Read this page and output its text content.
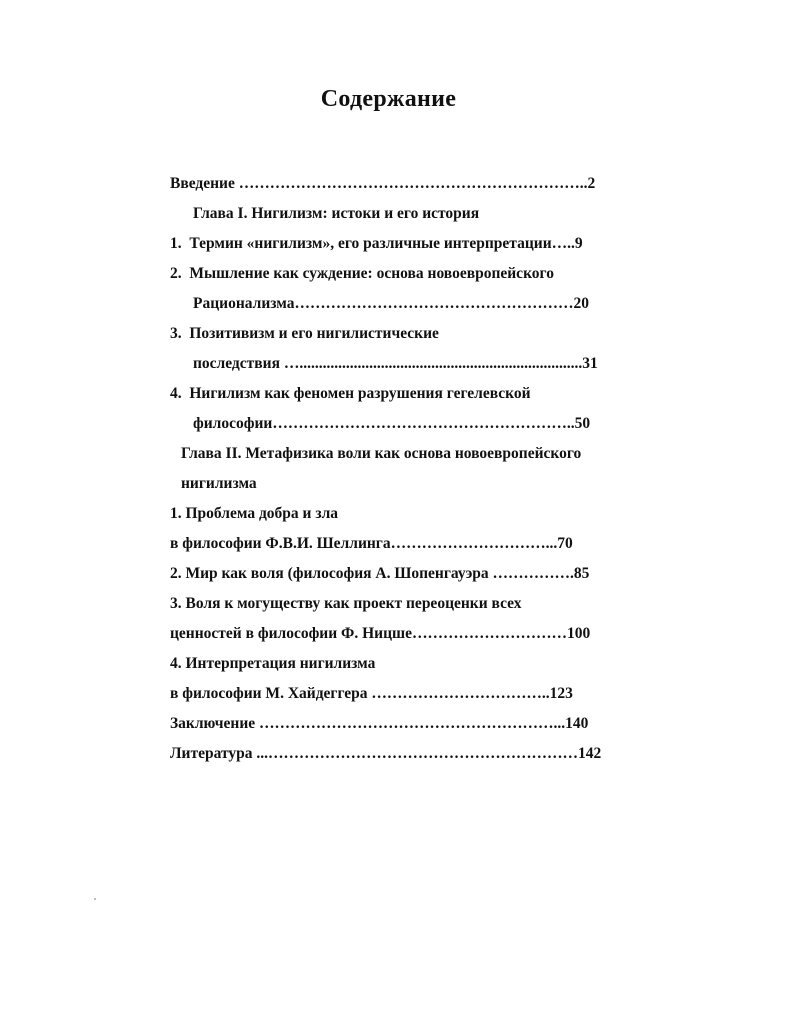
Содержание
Введение …………………………………………………………..2
Глава I. Нигилизм: истоки и его история
1.  Термин «нигилизм», его различные интерпретации…..9
2.  Мышление как суждение: основа новоевропейского
Рационализма………………………………………………20
3.  Позитивизм и его нигилистические
последствия ….........................................................................31
4.  Нигилизм как феномен разрушения гегелевской
философии…………………………………………………..50
Глава II. Метафизика воли как основа новоевропейского
нигилизма
1. Проблема добра и зла
в философии Ф.В.И. Шеллинга…………………………...70
2. Мир как воля (философия А. Шопенгауэра …………….85
3. Воля к могуществу как проект переоценки всех
ценностей в философии Ф. Ницше…………………………100
4. Интерпретация нигилизма
в философии М. Хайдеггера ……………………………..123
Заключение …………………………………………………...140
Литература ...……………………………………………………142
